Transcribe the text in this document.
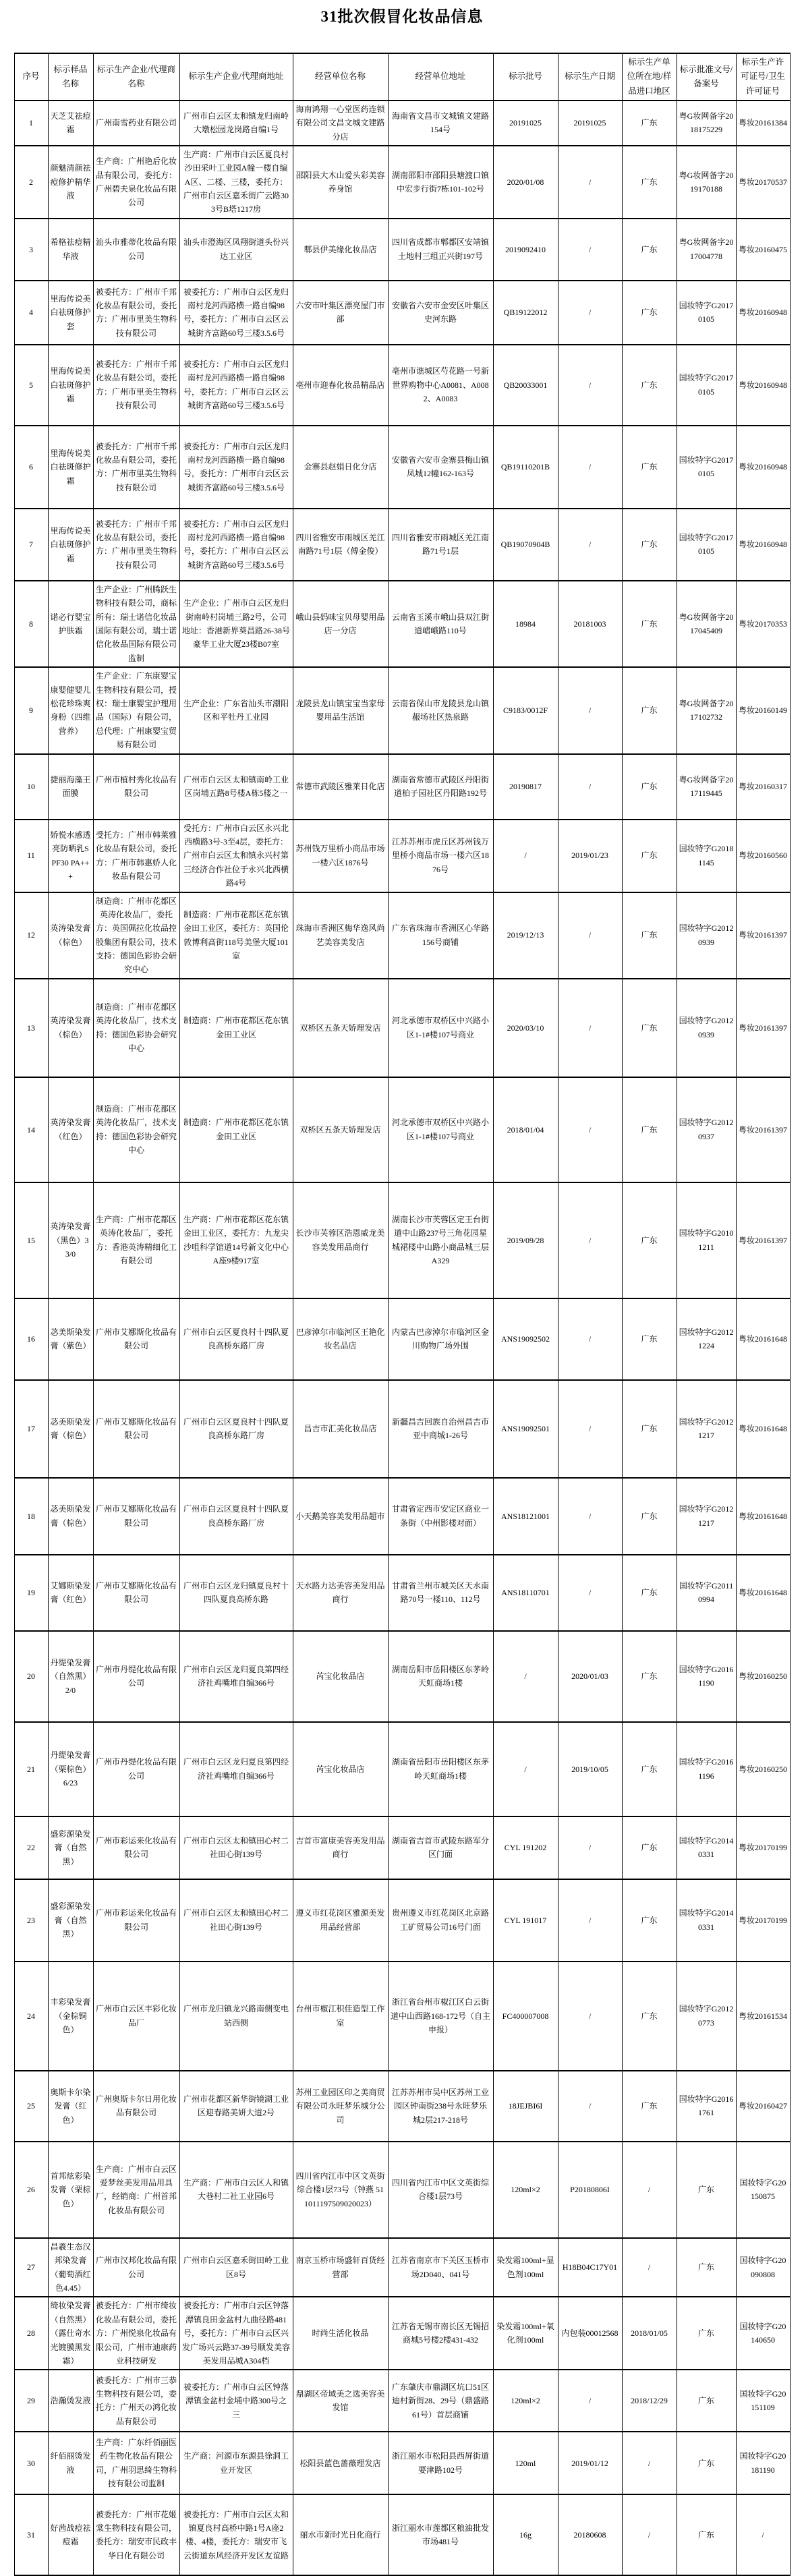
31批次假冒化妆品信息
序号	标示样品名称	标示生产企业/代理商名称	标示生产企业/代理商地址	经营单位名称	经营单位地址	标示批号	标示生产日期	标示生产单位所在地/样品进口地区	标示批准文号/备案号	标示生产许可证号/卫生许可证号
1	天芝艾祛痘霜	广州南雪药业有限公司	广州市白云区太和镇龙归南岭大墩松园龙岗路自编1号	海南鸿翔一心堂医药连锁有限公司文昌文城文建路分店	海南省文昌市文城镇文建路154号	20191025	20191025	广东	粤G妆网备字2018175229	粤妆20161384
2	颜魅清颜祛痘修护精华液	生产商：广州艳后化妆品有限公司，委托方：广州碧夫泉化妆品有限公司	生产商：广州市白云区夏良村沙田采叶工业园A幢一楼自编A区、二楼、三楼，委托方：广州市白云区嘉禾街广云路303号B塔1217房	邵阳县大木山爱头彩美容养身馆	湖南邵阳市邵阳县塘渡口镇中宏步行街7栋101-102号	2020/01/08	/	广东	粤G妆网备字2019170188	粤妆20170537
3	希格祛痘精华液	汕头市雅蒂化妆品有限公司	汕头市澄海区凤翔街道头份兴达工业区	郫县伊美缘化妆品店	四川省成都市郫都区安靖镇土地村三组正兴街197号	2019092410	/	广东	粤G妆网备字2017004778	粤妆20160475
4	里海传说美白祛斑修护套	被委托方：广州市千邦化妆品有限公司，委托方：广州市里美生物科技有限公司	被委托方：广州市白云区龙归南村龙河西路横一路自编98号，委托方：广州市白云区云城街齐富路60号三楼3.5.6号	六安市叶集区漂亮屋门市部	安徽省六安市金安区叶集区史河东路	QB19122012	/	广东	国妆特字G20170105	粤妆20160948
5	里海传说美白祛斑修护霜	被委托方：广州市千邦化妆品有限公司，委托方：广州市里美生物科技有限公司	被委托方：广州市白云区龙归南村龙河西路横一路自编98号，委托方：广州市白云区云城街齐富路60号三楼3.5.6号	亳州市迎春化妆品精品店	亳州市谯城区芍花路一号新世界购物中心A0081、A0082、A0083	QB20033001	/	广东	国妆特字G20170105	粤妆20160948
6	里海传说美白祛斑修护霜	被委托方：广州市千邦化妆品有限公司，委托方：广州市里美生物科技有限公司	被委托方：广州市白云区龙归南村龙河西路横一路自编98号，委托方：广州市白云区云城街齐富路60号三楼3.5.6号	金寨县赵娟日化分店	安徽省六安市金寨县梅山镇凤城12幢162-163号	QB19110201B	/	广东	国妆特字G20170105	粤妆20160948
7	里海传说美白祛斑修护霜	被委托方：广州市千邦化妆品有限公司，委托方：广州市里美生物科技有限公司	被委托方：广州市白云区龙归南村龙河西路横一路自编98号，委托方：广州市白云区云城街齐富路60号三楼3.5.6号	四川省雅安市雨城区羌江南路71号1层（傅金俊）	四川省雅安市雨城区羌江南路71号1层	QB19070904B	/	广东	国妆特字G20170105	粤妆20160948
8	诺必行婴宝护肤霜	生产企业：广州腾跃生物科技有限公司，商标所有：瑞士诺信化妆品国际有限公司，瑞士诺信化妆品国际有限公司监制	生产企业：广州市白云区龙归街南岭村岗埔三路2号，公司地址：香港新界葵昌路26-38号豪华工业大厦23楼B07室	峨山县妈咪宝贝母婴用品店一分店	云南省玉溪市峨山县双江街道嶍峨路110号	18984	20181003	广东	粤G妆网备字2017045409	粤妆20170353
9	康婴健婴儿松花珍珠爽身粉（四维营养）	生产企业：广东康婴宝生物科技有限公司，授权：瑞士康婴宝护理用品（国际）有限公司，总代理：广州康婴宝贸易有限公司	生产企业：广东省汕头市潮阳区和平牡丹工业园	龙陵县龙山镇宝宝当家母婴用品生活馆	云南省保山市龙陵县龙山镇赧场社区热泉路	C9183/0012F	/	广东	粤G妆网备字2017102732	粤妆20160149
10	捷丽海藻王面膜	广州市植村秀化妆品有限公司	广州市白云区太和镇南岭工业区岗埔五路8号楼A栋5楼之一	常德市武陵区雅莱日化店	湖南省常德市武陵区丹阳街道柏子园社区丹阳路192号	20190817	/	广东	粤G妆网备字2017119445	粤妆20160317
11	娇悦水感透亮防晒乳SPF30 PA+++	受托方：广州市韩莱雅化妆品有限公司，委托方：广州市韩惠娇人化妆品有限公司	受托方：广州市白云区永兴北西横路3号-3至4层，委托方：广州市白云区太和镇永兴村第三经济合作社位于永兴北西横路4号	苏州钱万里桥小商品市场一楼六区1876号	江苏苏州市虎丘区苏州钱万里桥小商品市场一楼六区1876号	/	2019/01/23	广东	国妆特字G20181145	粤妆20160560
12	英涛染发膏（棕色）	制造商：广州市花都区英涛化妆品厂，委托方：英国佩拉化妆品控股集团有限公司，技术支持：德国色彩协会研究中心	制造商：广州市花都区花东镇金田工业区，委托方：英国伦敦博利高街118号美堡大厦101室	珠海市香洲区梅华逸风尚艺美容美发店	广东省珠海市香洲区心华路156号商铺	2019/12/13	/	广东	国妆特字G20120939	粤妆20161397
13	英涛染发膏（棕色）	制造商：广州市花都区英涛化妆品厂，技术支持：德国色彩协会研究中心	制造商：广州市花都区花东镇金田工业区	双桥区五条天娇理发店	河北承德市双桥区中兴路小区1-1#楼107号商业	2020/03/10	/	广东	国妆特字G20120939	粤妆20161397
14	英涛染发膏（红色）	制造商：广州市花都区英涛化妆品厂，技术支持：德国色彩协会研究中心	制造商：广州市花都区花东镇金田工业区	双桥区五条天娇理发店	河北承德市双桥区中兴路小区1-1#楼107号商业	2018/01/04	/	广东	国妆特字G20120937	粤妆20161397
15	英涛染发膏（黑色）33/0	生产商：广州市花都区英涛化妆品厂，委托方：香港英涛精细化工有限公司	生产商：广州市花都区花东镇金田工业区，委托方：九龙尖沙咀科学馆道14号新文化中心A座9楼917室	长沙市芙蓉区浩恩威龙美容美发用品商行	湖南长沙市芙蓉区定王台街道中山路237号三角花园星城裙楼中山路小商品城三层A329	2019/09/28	/	广东	国妆特字G20101211	粤妆20161397
16	苾美斯染发膏（紫色）	广州市艾娜斯化妆品有限公司	广州市白云区夏良村十四队夏良高桥东路厂房	巴彦淖尔市临河区王艳化妆名品店	内蒙古巴彦淖尔市临河区金川购物广场外围	ANS19092502	/	广东	国妆特字G20121224	粤妆20161648
17	苾美斯染发膏（棕色）	广州市艾娜斯化妆品有限公司	广州市白云区夏良村十四队夏良高桥东路厂房	昌吉市汇美化妆品店	新疆昌吉回族自治州昌吉市亚中商城1-26号	ANS19092501	/	广东	国妆特字G20121217	粤妆20161648
18	苾美斯染发膏（棕色）	广州市艾娜斯化妆品有限公司	广州市白云区夏良村十四队夏良高桥东路厂房	小天鹅美容美发用品超市	甘肃省定西市安定区商业一条街（中州影楼对面）	ANS18121001	/	广东	国妆特字G20121217	粤妆20161648
19	艾娜斯染发膏（红色）	广州市艾娜斯化妆品有限公司	广州市白云区龙归镇夏良村十四队夏良高桥东路	天水路力达美容美发用品商行	甘肃省兰州市城关区天水南路70号一楼110、112号	ANS18110701	/	广东	国妆特字G20110994	粤妆20161648
20	丹缇染发膏（自然黑）2/0	广州市丹缇化妆品有限公司	广州市白云区龙归夏良第四经济社鸡嘴堆自编366号	芮宝化妆品店	湖南岳阳市岳阳楼区东茅岭天虹商场1楼	/	2020/01/03	广东	国妆特字G20161190	粤妆20160250
21	丹缇染发膏（栗棕色）6/23	广州市丹缇化妆品有限公司	广州市白云区龙归夏良第四经济社鸡嘴堆自编366号	芮宝化妆品店	湖南省岳阳市岳阳楼区东茅岭天虹商场1楼	/	2019/10/05	广东	国妆特字G20161196	粤妆20160250
22	盛彩源染发膏（自然黑）	广州市彩运来化妆品有限公司	广州市白云区太和镇田心村二社田心街139号	吉首市富康美容美发用品商行	湖南省吉首市武陵东路军分区门面	CYL 191202	/	广东	国妆特字G20140331	粤妆20170199
23	盛彩源染发膏（自然黑）	广州市彩运来化妆品有限公司	广州市白云区太和镇田心村二社田心街139号	遵义市红花岗区雅源美发用品经营部	贵州遵义市红花岗区北京路工矿贸易公司16号门面	CYL 191017	/	广东	国妆特字G20140331	粤妆20170199
24	丰彩染发膏（金棕铜色）	广州市白云区丰彩化妆品厂	广州市龙归镇龙兴路南侧变电站西侧	台州市椒江积佳造型工作室	浙江省台州市椒江区白云街道中山西路168-172号（自主申报）	FC400007008	/	广东	国妆特字G20120773	粤妆20161534
25	奥斯卡尔染发膏（红色）	广州奥斯卡尔日用化妆品有限公司	广州市花都区新华街镜湖工业区迎春路美妍大道2号	苏州工业园区印之美商贸有限公司永旺梦乐城分公司	江苏苏州市吴中区苏州工业园区钟南街238号永旺梦乐城2层217-218号	18JEJBI6I	/	广东	国妆特字G20161761	粤妆20160427
26	首邦炫彩染发膏（栗棕色）	生产商：广州市白云区爱梦丝美发用品用具厂，经销商：广州首邦化妆品有限公司	生产商：广州市白云区人和镇大巷村二社工业园6号	四川省内江市中区文英街综合楼1层73号（钟燕 511011197509020023）	四川省内江市中区文英街综合楼1层73号	120ml×2	P20180806I	/	广东	国妆特字G20150875
27	昌羲生态汉邦染发膏（葡萄酒红色4.45）	广州市汉邦化妆品有限公司	广州市白云区嘉禾街田岭工业区8号	南京玉桥市场盛轩百货经营部	江苏省南京市下关区玉桥市场2D040、041号	染发霜100ml+显色剂100ml	H18B04C17Y01	/	广东	国妆特字G20090808
28	绮妆染发膏（自然黑）（露仕奇水光镀膜黑发霜）	被委托方：广州市绮妆化妆品有限公司，委托方：广州悦泉化妆品有限公司，广州市迪康药业科技研发	被委托方：广州市白云区钟落潭镇良田金盆村九曲径路481号，委托方：广州市白云区兴发广场兴云路37-39号顺发美容美发用品城A304档	时尚生活化妆品	江苏省无锡市南长区无锡招商城5号楼2楼431-432	染发霜100ml+氧化剂100ml	内包装00012568	2018/01/05	广东	国妆特字G20140650
29	浩瀚烫发液	被委托方：广州市三恭生物科技有限公司，委托方：广州天の鸿化妆品有限公司	被委托方：广州市白云区钟落潭镇金盆村金埔中路300号之三	鼎湖区帝域美之选美容美发馆	广东肇庆市鼎湖区坑口51区迪村新街28、29号（鼎盛路61号）首层商铺	120ml×2	/	2018/12/29	广东	国妆特字G20151109
30	纤佰丽烫发液	生产商：广东纤佰丽医药生物化妆品有限公司，广州羽思绮生物科技有限公司监制	生产商：河源市东源县徐洞工业开发区	松阳县蓝色蔷薇理发店	浙江丽水市松阳县西屏街道要津路102号	120ml	2019/01/12	/	广东	国妆特字G20181190
31	好茜战痘祛痘霜	被委托方：广州市花姬棠生物科技有限公司，委托方：瑞安市民政丰华日化有限公司	被委托方：广州市白云区太和镇夏良村高桥中路1号A座2楼、4楼，委托方：瑞安市飞云街道东风经济开发区友谊路	丽水市新时光日化商行	浙江丽水市莲都区粮油批发市场481号	16g	20180608	/	广东	/
